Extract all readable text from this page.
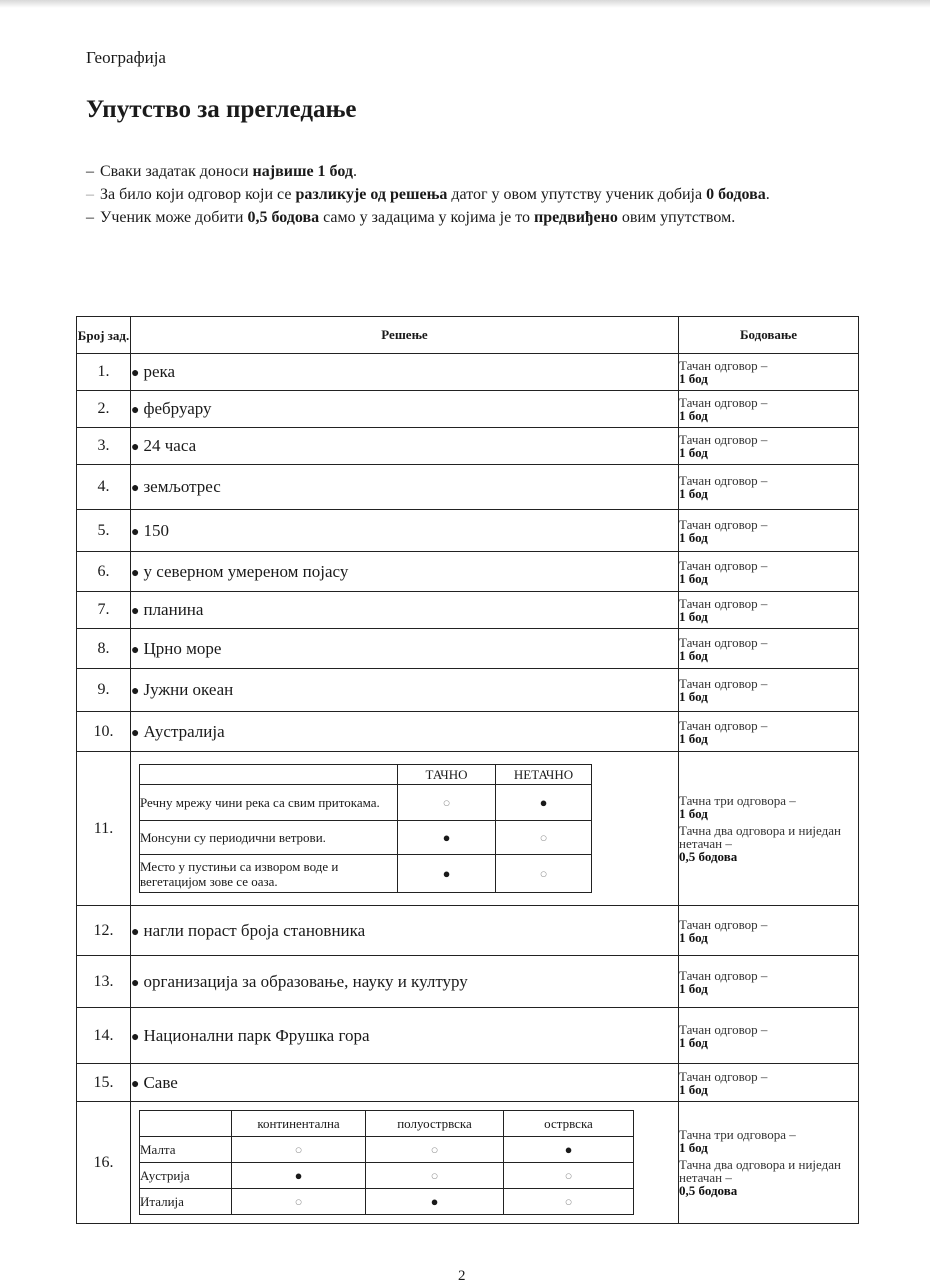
Географија
Упутство за прегледање
– Сваки задатак доноси највише 1 бод.
– За било који одговор који се разликује од решења датог у овом упутству ученик добија 0 бодова.
– Ученик може добити 0,5 бодова само у задацима у којима је то предвиђено овим упутством.
Број зад.	Решење	Бодовање
1.	● река	Тачан одговор –
1 бод
2.	● фебруару	Тачан одговор –
1 бод
3.	● 24 часа	Тачан одговор –
1 бод
4.	● земљотрес	Тачан одговор –
1 бод
5.	● 150	Тачан одговор –
1 бод
6.	● у северном умереном појасу	Тачан одговор –
1 бод
7.	● планина	Тачан одговор –
1 бод
8.	● Црно море	Тачан одговор –
1 бод
9.	● Јужни океан	Тачан одговор –
1 бод
10.	● Аустралија	Тачан одговор –
1 бод
11.	
	ТАЧНО	НЕТАЧНО
Речну мрежу чини река са свим притокама.	○	●
Монсуни су периодични ветрови.	●	○
Место у пустињи са извором воде и вегетацијом зове се оаза.	●	○
	Тачна три одговора –
1 бод
Тачна два одговора и ниједан нетачан –
0,5 бодова

12.	● нагли пораст броја становника	Тачан одговор –
1 бод
13.	● организација за образовање, науку и културу	Тачан одговор –
1 бод
14.	● Национални парк Фрушка гора	Тачан одговор –
1 бод
15.	● Саве	Тачан одговор –
1 бод
16.	
	континентална	полуострвска	острвска
Малта	○	○	●
Аустрија	●	○	○
Италија	○	●	○
	Тачна три одговора –
1 бод
Тачна два одговора и ниједан нетачан –
0,5 бодова
2
